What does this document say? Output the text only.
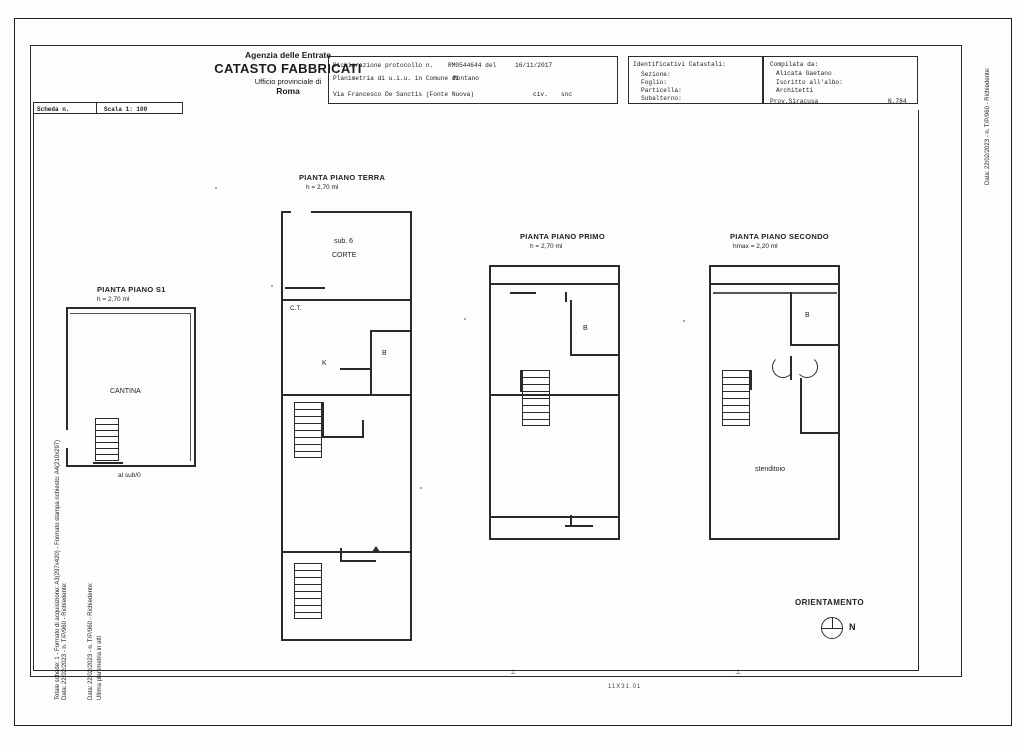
Ultima planimetria in atti
Data: 22/02/2023 - n. T/P/960 - Richiedente:
Totale schede: 1 - Formato di acquisizione: A3(297x420) - Formato stampa richiesto: A4(210x297) Data: 22/02/2023 - n. T/P/960 - Richiedente:
Data: 22/02/2023 - n. T/P/960 - Richiedente:
Agenzia delle Entrate
CATASTO FABBRICATI
Ufficio provinciale di
Roma
Scheda n.	Scala 1: 100
Dichiarazione protocollo n. RM0544644 del	16/11/2017
Planimetria di u.i.u. in Comune di
Montano
Via Francesco De Sanctis (Fonte Nuova)	civ. snc
Identificativi Catastali:
Sezione:
Foglio:
Particella:
Subalterno:
Compilata da:
Alicata Gaetano
Iscritto all'albo:
Architetti
Prov.Siracusa	N.784
PIANTA PIANO S1
h = 2,70 ml
CANTINA
al sub/0
PIANTA PIANO TERRA
h = 2,70 ml
sub. 6
CORTE
C.T.
K
B
PIANTA PIANO PRIMO
h = 2,70 ml
B
PIANTA PIANO SECONDO
hmax = 2,20 ml
B
stenditoio
ORIENTAMENTO
N
11X31.01
⊥	⊥
